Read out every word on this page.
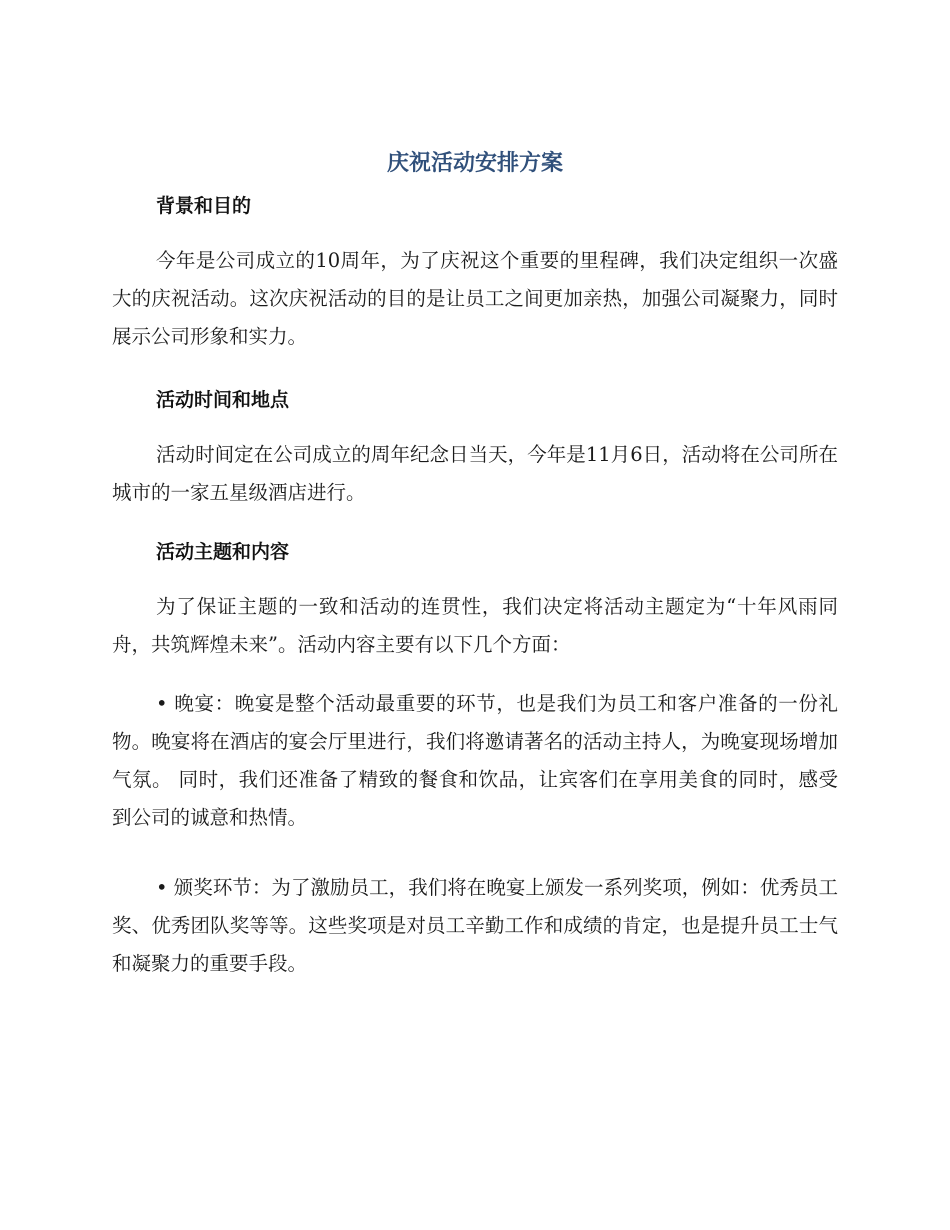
庆祝活动安排方案
背景和目的

今年是公司成立的10周年，为了庆祝这个重要的里程碑，我们决定组织一次盛大的庆祝活动。这次庆祝活动的目的是让员工之间更加亲热，加强公司凝聚力，同时展示公司形象和实力。

活动时间和地点

活动时间定在公司成立的周年纪念日当天，今年是11月6日，活动将在公司所在城市的一家五星级酒店进行。

活动主题和内容

为了保证主题的一致和活动的连贯性，我们决定将活动主题定为“十年风雨同舟，共筑辉煌未来”。活动内容主要有以下几个方面：

• 晚宴：晚宴是整个活动最重要的环节，也是我们为员工和客户准备的一份礼物。晚宴将在酒店的宴会厅里进行，我们将邀请著名的活动主持人，为晚宴现场增加气氛。 同时，我们还准备了精致的餐食和饮品，让宾客们在享用美食的同时，感受到公司的诚意和热情。

• 颁奖环节：为了激励员工，我们将在晚宴上颁发一系列奖项，例如：优秀员工奖、优秀团队奖等等。这些奖项是对员工辛勤工作和成绩的肯定，也是提升员工士气和凝聚力的重要手段。
